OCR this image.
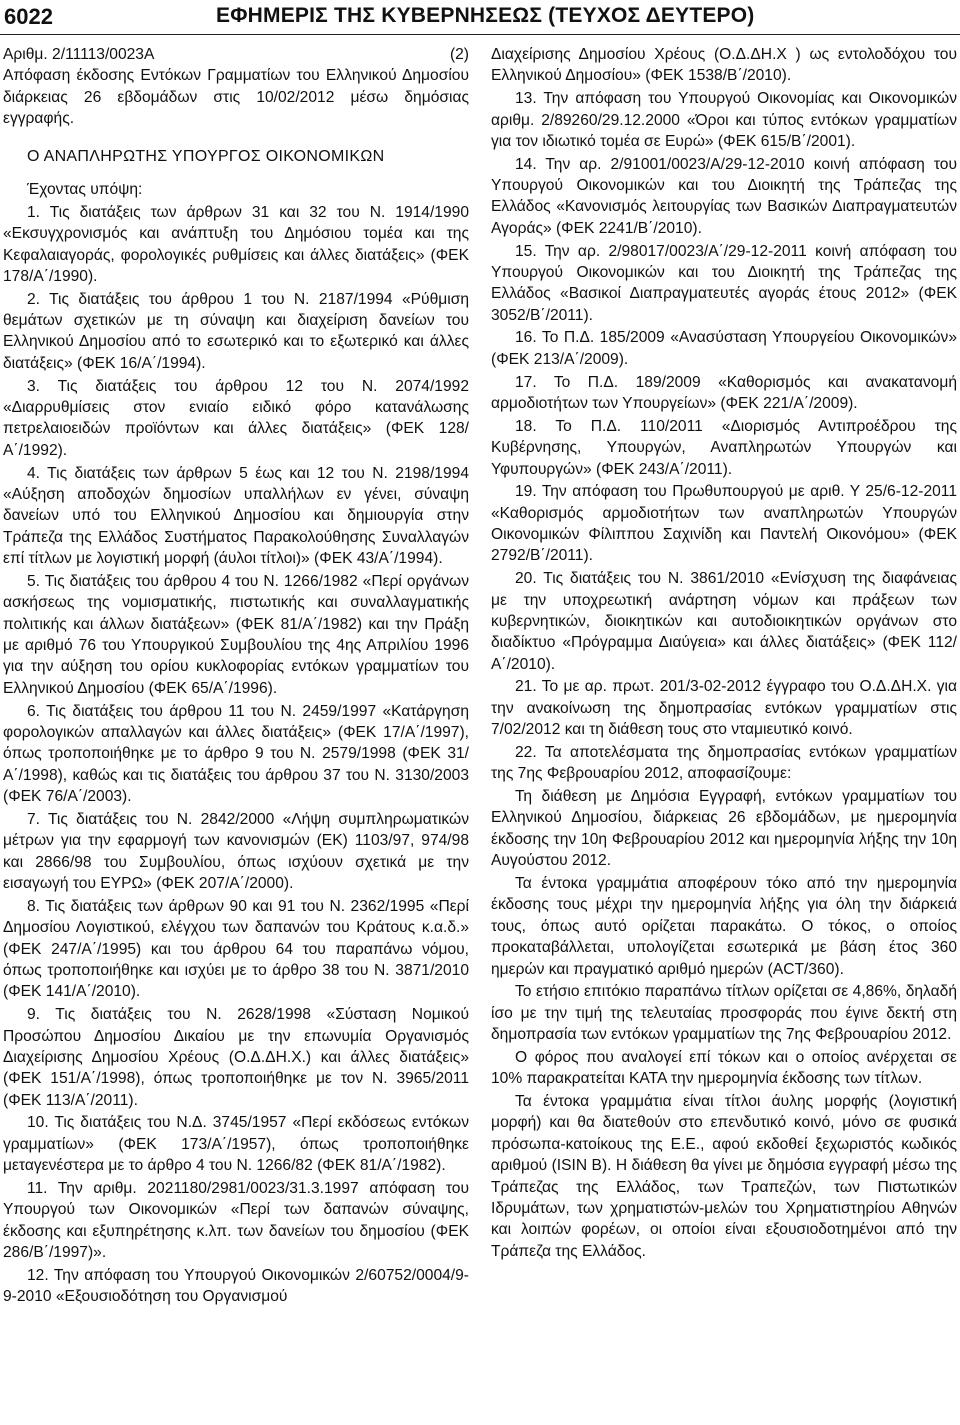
6022	ΕΦΗΜΕΡΙΣ ΤΗΣ ΚΥΒΕΡΝΗΣΕΩΣ (ΤΕΥΧΟΣ ΔΕΥΤΕΡΟ)
Αριθμ. 2/11113/0023Α	(2)
Απόφαση έκδοσης Εντόκων Γραμματίων του Ελληνικού Δημοσίου διάρκειας 26 εβδομάδων στις 10/02/2012 μέσω δημόσιας εγγραφής.
Ο ΑΝΑΠΛΗΡΩΤΗΣ ΥΠΟΥΡΓΟΣ ΟΙΚΟΝΟΜΙΚΩΝ
Έχοντας υπόψη:
1. Τις διατάξεις των άρθρων 31 και 32 του Ν. 1914/1990 «Εκσυγχρονισμός και ανάπτυξη του Δημόσιου τομέα και της Κεφαλαιαγοράς, φορολογικές ρυθμίσεις και άλλες διατάξεις» (ΦΕΚ 178/Α΄/1990).
2. Τις διατάξεις του άρθρου 1 του Ν. 2187/1994 «Ρύθμιση θεμάτων σχετικών με τη σύναψη και διαχείριση δανείων του Ελληνικού Δημοσίου από το εσωτερικό και το εξωτερικό και άλλες διατάξεις» (ΦΕΚ 16/Α΄/1994).
3. Τις διατάξεις του άρθρου 12 του Ν. 2074/1992 «Διαρρυθμίσεις στον ενιαίο ειδικό φόρο κατανάλωσης πετρελαιοειδών προϊόντων και άλλες διατάξεις» (ΦΕΚ 128/Α΄/1992).
4. Τις διατάξεις των άρθρων 5 έως και 12 του Ν. 2198/1994 «Αύξηση αποδοχών δημοσίων υπαλλήλων εν γένει, σύναψη δανείων υπό του Ελληνικού Δημοσίου και δημιουργία στην Τράπεζα της Ελλάδος Συστήματος Παρακολούθησης Συναλλαγών επί τίτλων με λογιστική μορφή (άυλοι τίτλοι)» (ΦΕΚ 43/Α΄/1994).
5. Τις διατάξεις του άρθρου 4 του Ν. 1266/1982 «Περί οργάνων ασκήσεως της νομισματικής, πιστωτικής και συναλλαγματικής πολιτικής και άλλων διατάξεων» (ΦΕΚ 81/Α΄/1982) και την Πράξη με αριθμό 76 του Υπουργικού Συμβουλίου της 4ης Απριλίου 1996 για την αύξηση του ορίου κυκλοφορίας εντόκων γραμματίων του Ελληνικού Δημοσίου (ΦΕΚ 65/Α΄/1996).
6. Τις διατάξεις του άρθρου 11 του Ν. 2459/1997 «Κατάργηση φορολογικών απαλλαγών και άλλες διατάξεις» (ΦΕΚ 17/Α΄/1997), όπως τροποποιήθηκε με το άρθρο 9 του Ν. 2579/1998 (ΦΕΚ 31/Α΄/1998), καθώς και τις διατάξεις του άρθρου 37 του Ν. 3130/2003 (ΦΕΚ 76/Α΄/2003).
7. Τις διατάξεις του Ν. 2842/2000 «Λήψη συμπληρωματικών μέτρων για την εφαρμογή των κανονισμών (ΕΚ) 1103/97, 974/98 και 2866/98 του Συμβουλίου, όπως ισχύουν σχετικά με την εισαγωγή του ΕΥΡΩ» (ΦΕΚ 207/Α΄/2000).
8. Τις διατάξεις των άρθρων 90 και 91 του Ν. 2362/1995 «Περί Δημοσίου Λογιστικού, ελέγχου των δαπανών του Κράτους κ.α.δ.» (ΦΕΚ 247/Α΄/1995) και του άρθρου 64 του παραπάνω νόμου, όπως τροποποιήθηκε και ισχύει με το άρθρο 38 του Ν. 3871/2010 (ΦΕΚ 141/Α΄/2010).
9. Τις διατάξεις του Ν. 2628/1998 «Σύσταση Νομικού Προσώπου Δημοσίου Δικαίου με την επωνυμία Οργανισμός Διαχείρισης Δημοσίου Χρέους (Ο.Δ.ΔΗ.Χ.) και άλλες διατάξεις» (ΦΕΚ 151/Α΄/1998), όπως τροποποιήθηκε με τον Ν. 3965/2011 (ΦΕΚ 113/Α΄/2011).
10. Τις διατάξεις του Ν.Δ. 3745/1957 «Περί εκδόσεως εντόκων γραμματίων» (ΦΕΚ 173/Α΄/1957), όπως τροποποιήθηκε μεταγενέστερα με το άρθρο 4 του Ν. 1266/82 (ΦΕΚ 81/Α΄/1982).
11. Την αριθμ. 2021180/2981/0023/31.3.1997 απόφαση του Υπουργού των Οικονομικών «Περί των δαπανών σύναψης, έκδοσης και εξυπηρέτησης κ.λπ. των δανείων του δημοσίου (ΦΕΚ 286/Β΄/1997)».
12. Την απόφαση του Υπουργού Οικονομικών 2/60752/0004/9-9-2010 «Εξουσιοδότηση του Οργανισμού
Διαχείρισης Δημοσίου Χρέους (Ο.Δ.ΔΗ.Χ ) ως εντολοδόχου του Ελληνικού Δημοσίου» (ΦΕΚ 1538/Β΄/2010).
13. Την απόφαση του Υπουργού Οικονομίας και Οικονομικών αριθμ. 2/89260/29.12.2000 «Όροι και τύπος εντόκων γραμματίων για τον ιδιωτικό τομέα σε Ευρώ» (ΦΕΚ 615/Β΄/2001).
14. Την αρ. 2/91001/0023/Α/29-12-2010 κοινή απόφαση του Υπουργού Οικονομικών και του Διοικητή της Τράπεζας της Ελλάδος «Κανονισμός λειτουργίας των Βασικών Διαπραγματευτών Αγοράς» (ΦΕΚ 2241/Β΄/2010).
15. Την αρ. 2/98017/0023/Α΄/29-12-2011 κοινή απόφαση του Υπουργού Οικονομικών και του Διοικητή της Τράπεζας της Ελλάδος «Βασικοί Διαπραγματευτές αγοράς έτους 2012» (ΦΕΚ 3052/Β΄/2011).
16. Το Π.Δ. 185/2009 «Ανασύσταση Υπουργείου Οικονομικών» (ΦΕΚ 213/Α΄/2009).
17. Το Π.Δ. 189/2009 «Καθορισμός και ανακατανομή αρμοδιοτήτων των Υπουργείων» (ΦΕΚ 221/Α΄/2009).
18. Το Π.Δ. 110/2011 «Διορισμός Αντιπροέδρου της Κυβέρνησης, Υπουργών, Αναπληρωτών Υπουργών και Υφυπουργών» (ΦΕΚ 243/Α΄/2011).
19. Την απόφαση του Πρωθυπουργού με αριθ. Υ 25/6-12-2011 «Καθορισμός αρμοδιοτήτων των αναπληρωτών Υπουργών Οικονομικών Φίλιππου Σαχινίδη και Παντελή Οικονόμου» (ΦΕΚ 2792/Β΄/2011).
20. Τις διατάξεις του Ν. 3861/2010 «Ενίσχυση της διαφάνειας με την υποχρεωτική ανάρτηση νόμων και πράξεων των κυβερνητικών, διοικητικών και αυτοδιοικητικών οργάνων στο διαδίκτυο «Πρόγραμμα Διαύγεια» και άλλες διατάξεις» (ΦΕΚ 112/Α΄/2010).
21. Το με αρ. πρωτ. 201/3-02-2012 έγγραφο του Ο.Δ.ΔΗ.Χ. για την ανακοίνωση της δημοπρασίας εντόκων γραμματίων στις 7/02/2012 και τη διάθεση τους στο νταμιευτικό κοινό.
22. Τα αποτελέσματα της δημοπρασίας εντόκων γραμματίων της 7ης Φεβρουαρίου 2012, αποφασίζουμε:
Τη διάθεση με Δημόσια Εγγραφή, εντόκων γραμματίων του Ελληνικού Δημοσίου, διάρκειας 26 εβδομάδων, με ημερομηνία έκδοσης την 10η Φεβρουαρίου 2012 και ημερομηνία λήξης την 10η Αυγούστου 2012.
Τα έντοκα γραμμάτια αποφέρουν τόκο από την ημερομηνία έκδοσης τους μέχρι την ημερομηνία λήξης για όλη την διάρκειά τους, όπως αυτό ορίζεται παρακάτω. Ο τόκος, ο οποίος προκαταβάλλεται, υπολογίζεται εσωτερικά με βάση έτος 360 ημερών και πραγματικό αριθμό ημερών (ACT/360).
Το ετήσιο επιτόκιο παραπάνω τίτλων ορίζεται σε 4,86%, δηλαδή ίσο με την τιμή της τελευταίας προσφοράς που έγινε δεκτή στη δημοπρασία των εντόκων γραμματίων της 7ης Φεβρουαρίου 2012.
Ο φόρος που αναλογεί επί τόκων και ο οποίος ανέρχεται σε 10% παρακρατείται ΚΑΤΑ την ημερομηνία έκδοσης των τίτλων.
Τα έντοκα γραμμάτια είναι τίτλοι άυλης μορφής (λογιστική μορφή) και θα διατεθούν στο επενδυτικό κοινό, μόνο σε φυσικά πρόσωπα-κατοίκους της Ε.Ε., αφού εκδοθεί ξεχωριστός κωδικός αριθμού (ISIN B). Η διάθεση θα γίνει με δημόσια εγγραφή μέσω της Τράπεζας της Ελλάδος, των Τραπεζών, των Πιστωτικών Ιδρυμάτων, των χρηματιστών-μελών του Χρηματιστηρίου Αθηνών και λοιπών φορέων, οι οποίοι είναι εξουσιοδοτημένοι από την Τράπεζα της Ελλάδος.
